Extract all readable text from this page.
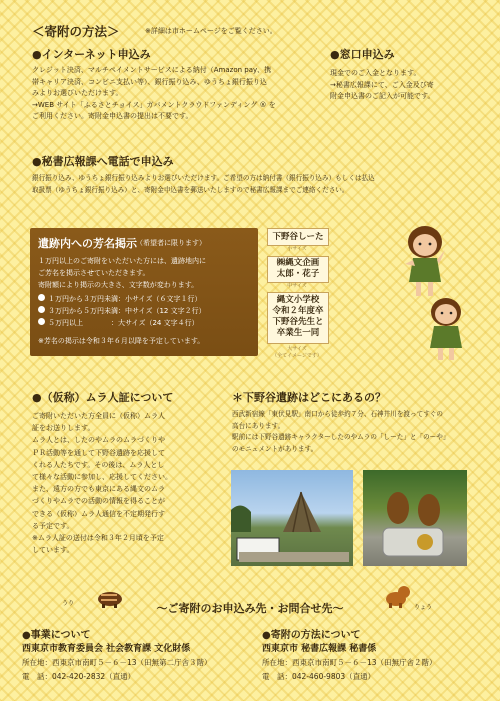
＜寄附の方法＞	※詳細は市ホームページをご覧ください。
●インターネット申込み
クレジット決済、マルチペイメントサービスによる納付（Amazon pay、携
帯キャリア決済、コンビニ支払い等）、銀行振り込み、ゆうちょ銀行振り込
みよりお選びいただけます。
→WEB サイト「ふるさとチョイス」ガバメントクラウドファンディング ® を
ご利用ください。寄附金申込書の提出は不要です。
●窓口申込み
現金でのご入金となります。
→秘書広報課にて、ご入金及び寄
附金申込書のご記入が可能です。
●秘書広報課へ電話で申込み
銀行振り込み、ゆうちょ銀行振り込みよりお選びいただけます。ご希望の方は納付書（銀行振り込み）もしくは払込
取扱票（ゆうちょ銀行振り込み）と、寄附金申込書を郵送いたしますので秘書広報課までご連絡ください。
遺跡内への芳名掲示 （希望者に限ります）
１万円以上のご寄附をいただいた方には、遺跡地内に
ご芳名を掲示させていただきます。
寄附額により掲示の大きさ、文字数が変わります。
１万円から３万円未満：小サイズ（６文字１行）
３万円から５万円未満：中サイズ（12 文字２行）
５万円以上　　　　：大サイズ（24 文字４行）
※芳名の掲示は令和３年６月以降を予定しています。
下野谷しーた
小サイズ
㈱縄文企画
太郎・花子
中サイズ
縄文小学校
令和２年度卒
下野谷先生と
卒業生一同
大サイズ
（全てイメージです）
●（仮称）ムラ人証について
ご寄附いただいた方全員に（仮称）ムラ人
証をお送りします。
ムラ人とは、したのやムラのムラづくりや
ＰＲ活動等を通して下野谷遺跡を応援して
くれる人たちです。その後は、ムラ人とし
て様々な活動に参加し、応援してください。
また、遠方の方でも東京にある縄文のムラ
づくりやムラでの活動の情報を得ることが
できる（仮称）ムラ人通信を不定期発行す
る予定です。
※ムラ人証の送付は令和３年２月頃を予定
しています。
＊下野谷遺跡はどこにあるの？
西武新宿線「東伏見駅」南口から徒歩約７分、石神井川を渡ってすぐの
高台にあります。
駅前には下野谷遺跡キャラクターしたのやムラの「しーた」と「のーや」
のモニュメントがあります。
うり
りょう
～ご寄附のお申込み先・お問合せ先～
●事業について
西東京市教育委員会 社会教育課 文化財係
所在地：西東京市南町５－６－13（田無第二庁舎３階）
電　話：042-420-2832（直通）
●寄附の方法について
西東京市 秘書広報課 秘書係
所在地：西東京市南町５－６－13（田無庁舎２階）
電　話：042-460-9803（直通）
